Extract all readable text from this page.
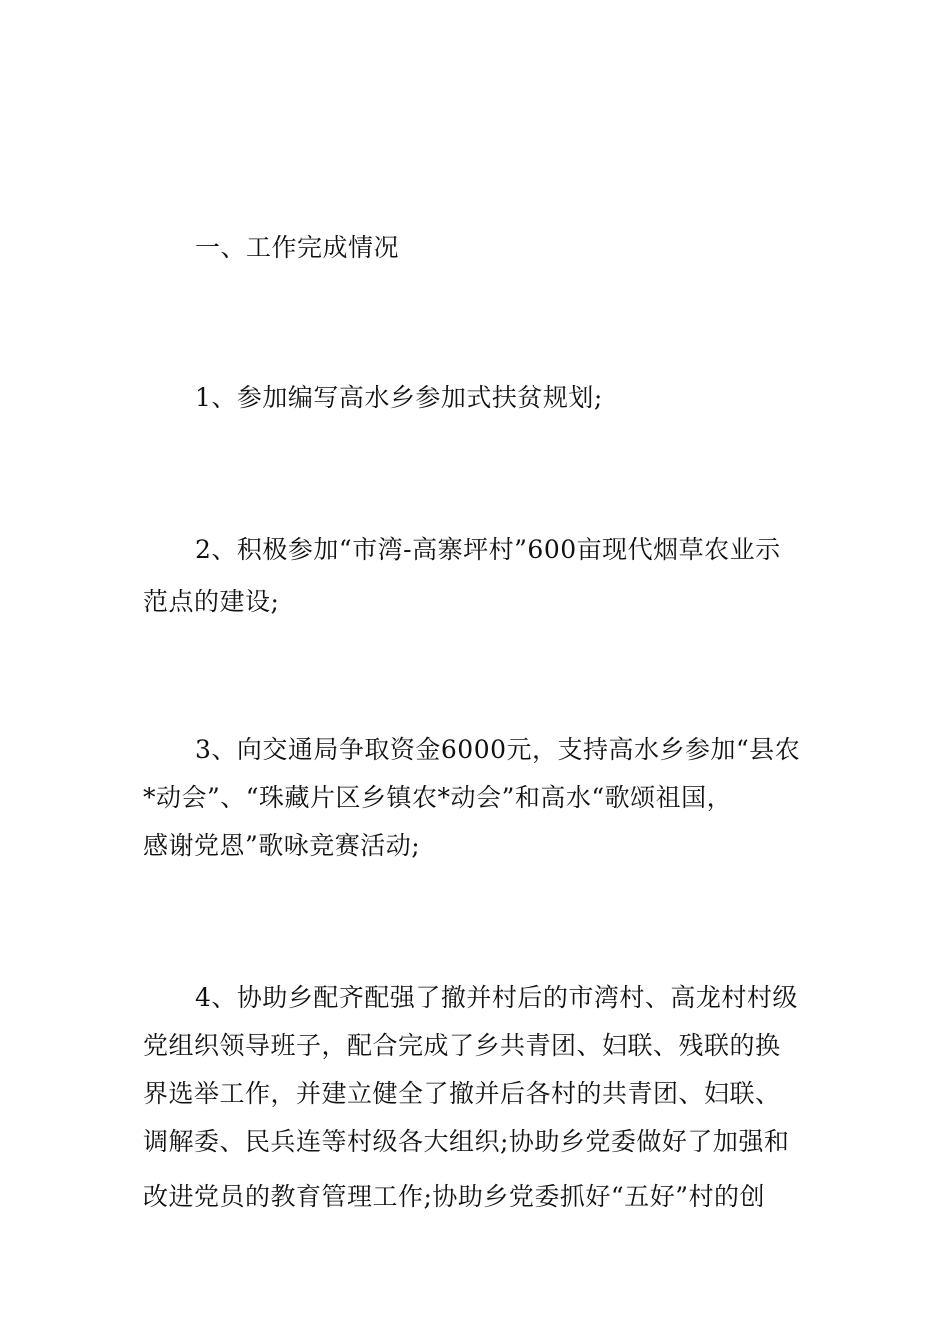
一、工作完成情况
1、参加编写高水乡参加式扶贫规划;
2、积极参加“市湾-高寨坪村”600亩现代烟草农业示
范点的建设;
3、向交通局争取资金6000元，支持高水乡参加“县农
*动会”、“珠藏片区乡镇农*动会”和高水“歌颂祖国，
感谢党恩”歌咏竞赛活动;
4、协助乡配齐配强了撤并村后的市湾村、高龙村村级
党组织领导班子，配合完成了乡共青团、妇联、残联的换
界选举工作，并建立健全了撤并后各村的共青团、妇联、
调解委、民兵连等村级各大组织;协助乡党委做好了加强和
改进党员的教育管理工作;协助乡党委抓好“五好”村的创
